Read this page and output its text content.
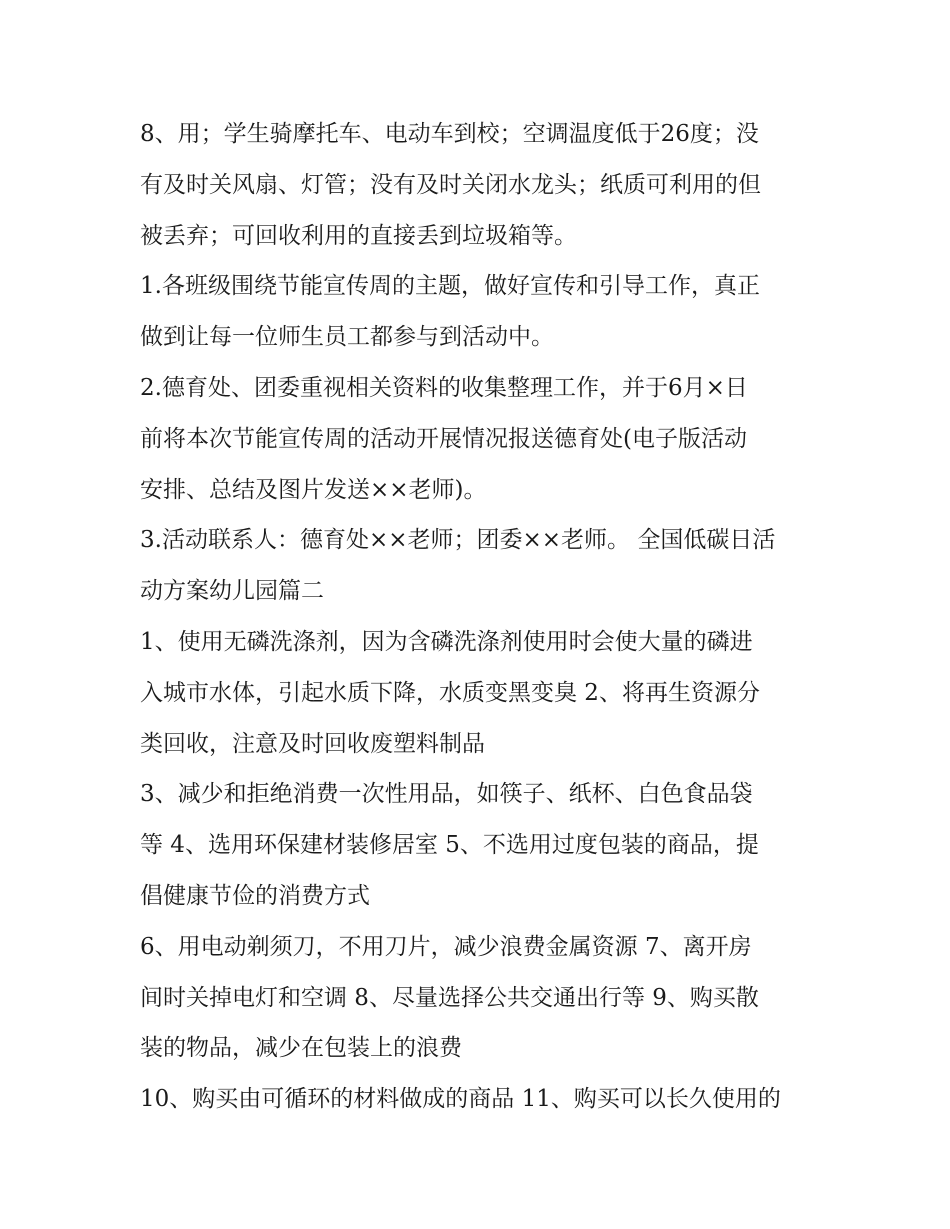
8、用；学生骑摩托车、电动车到校；空调温度低于26度；没
有及时关风扇、灯管；没有及时关闭水龙头；纸质可利用的但
被丢弃；可回收利用的直接丢到垃圾箱等。
1.各班级围绕节能宣传周的主题，做好宣传和引导工作，真正
做到让每一位师生员工都参与到活动中。
2.德育处、团委重视相关资料的收集整理工作，并于6月×日
前将本次节能宣传周的活动开展情况报送德育处(电子版活动
安排、总结及图片发送××老师)。
3.活动联系人：德育处××老师；团委××老师。 全国低碳日活
动方案幼儿园篇二
1、使用无磷洗涤剂，因为含磷洗涤剂使用时会使大量的磷进
入城市水体，引起水质下降，水质变黑变臭 2、将再生资源分
类回收，注意及时回收废塑料制品
3、减少和拒绝消费一次性用品，如筷子、纸杯、白色食品袋
等 4、选用环保建材装修居室 5、不选用过度包装的商品，提
倡健康节俭的消费方式
6、用电动剃须刀，不用刀片，减少浪费金属资源 7、离开房
间时关掉电灯和空调 8、尽量选择公共交通出行等 9、购买散
装的物品，减少在包装上的浪费
10、购买由可循环的材料做成的商品 11、购买可以长久使用的
